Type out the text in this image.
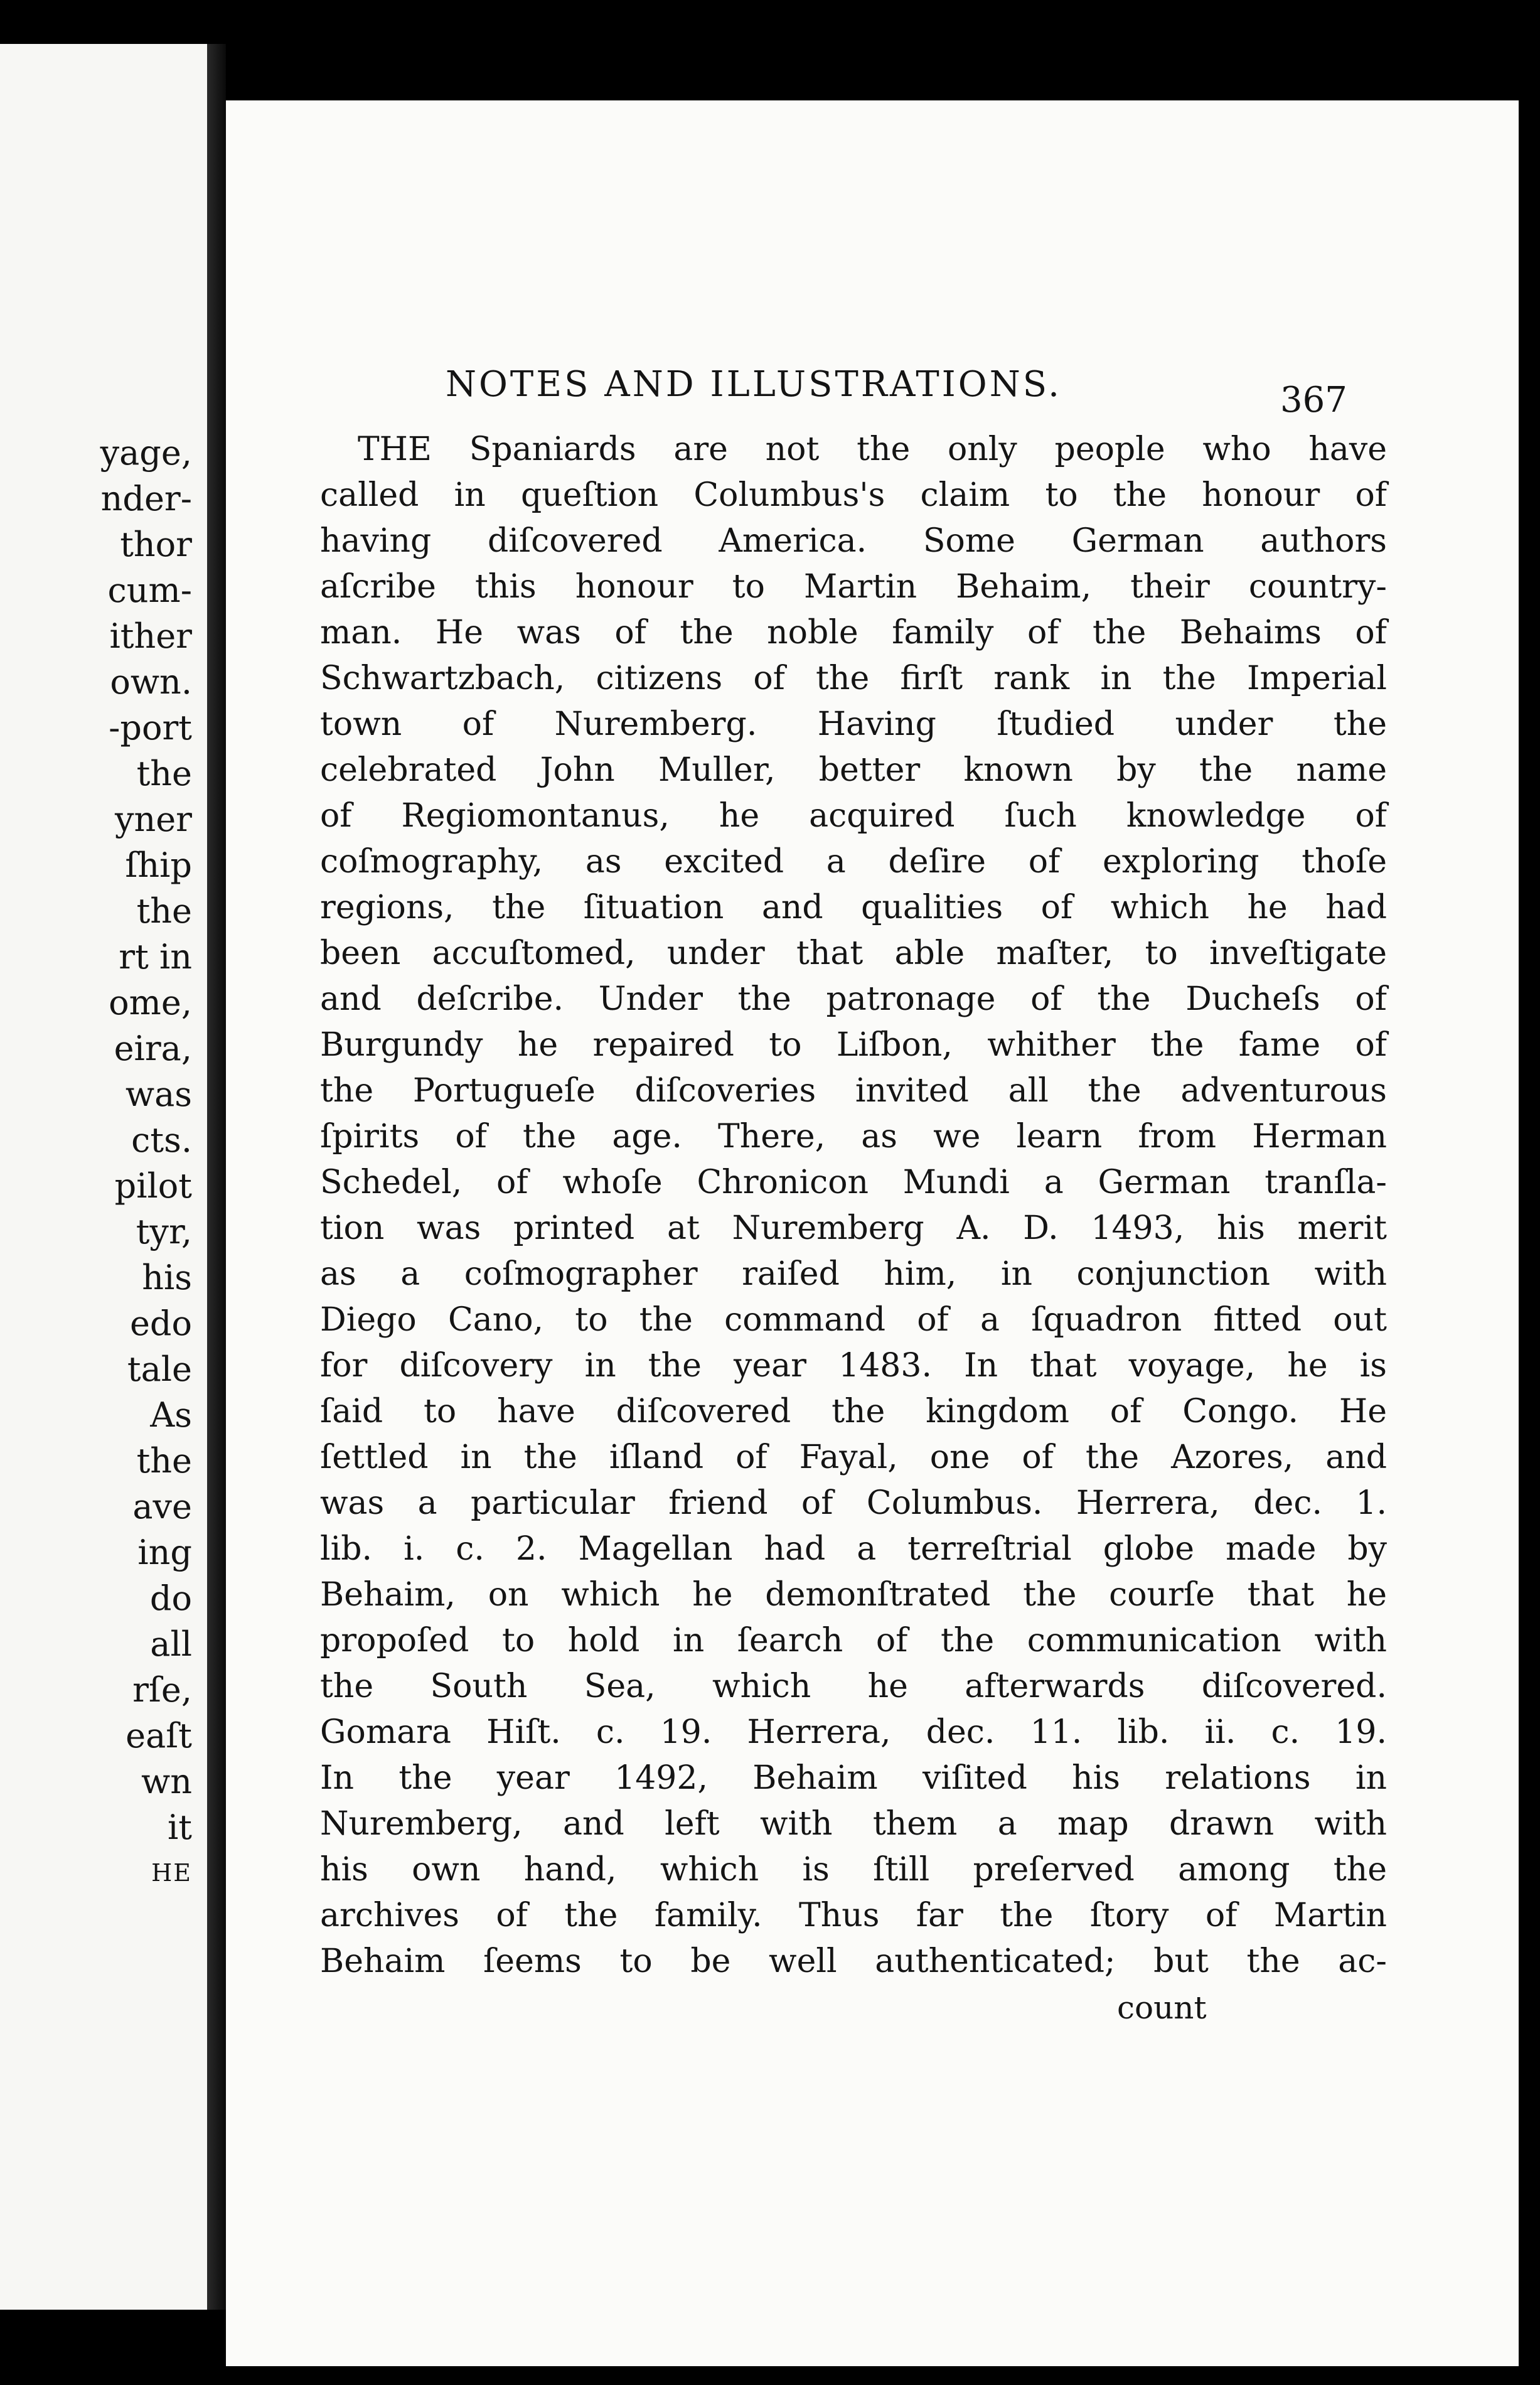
yage,
nder-
thor
cum-
ither
own.
-port
the
yner
ſhip
the
rt in
ome,
eira,
was
cts.
pilot
tyr,
his
edo
tale
As
the
ave
ing
do
all
rſe,
eaſt
wn
it
HE
NOTES AND ILLUSTRATIONS.	367
THE Spaniards are not the only people who have
called in queſtion Columbus's claim to the honour of
having diſcovered America. Some German authors
aſcribe this honour to Martin Behaim, their country-
man. He was of the noble family of the Behaims of
Schwartzbach, citizens of the firſt rank in the Imperial
town of Nuremberg. Having ſtudied under the
celebrated John Muller, better known by the name
of Regiomontanus, he acquired ſuch knowledge of
coſmography, as excited a deſire of exploring thoſe
regions, the ſituation and qualities of which he had
been accuſtomed, under that able maſter, to inveſtigate
and deſcribe. Under the patronage of the Ducheſs of
Burgundy he repaired to Liſbon, whither the fame of
the Portugueſe diſcoveries invited all the adventurous
ſpirits of the age. There, as we learn from Herman
Schedel, of whoſe Chronicon Mundi a German tranſla-
tion was printed at Nuremberg A. D. 1493, his merit
as a coſmographer raiſed him, in conjunction with
Diego Cano, to the command of a ſquadron fitted out
for diſcovery in the year 1483. In that voyage, he is
ſaid to have diſcovered the kingdom of Congo. He
ſettled in the iſland of Fayal, one of the Azores, and
was a particular friend of Columbus. Herrera, dec. 1.
lib. i. c. 2. Magellan had a terreſtrial globe made by
Behaim, on which he demonſtrated the courſe that he
propoſed to hold in ſearch of the communication with
the South Sea, which he afterwards diſcovered.
Gomara Hiſt. c. 19. Herrera, dec. 11. lib. ii. c. 19.
In the year 1492, Behaim viſited his relations in
Nuremberg, and left with them a map drawn with
his own hand, which is ſtill preſerved among the
archives of the family. Thus far the ſtory of Martin
Behaim ſeems to be well authenticated; but the ac-
count
